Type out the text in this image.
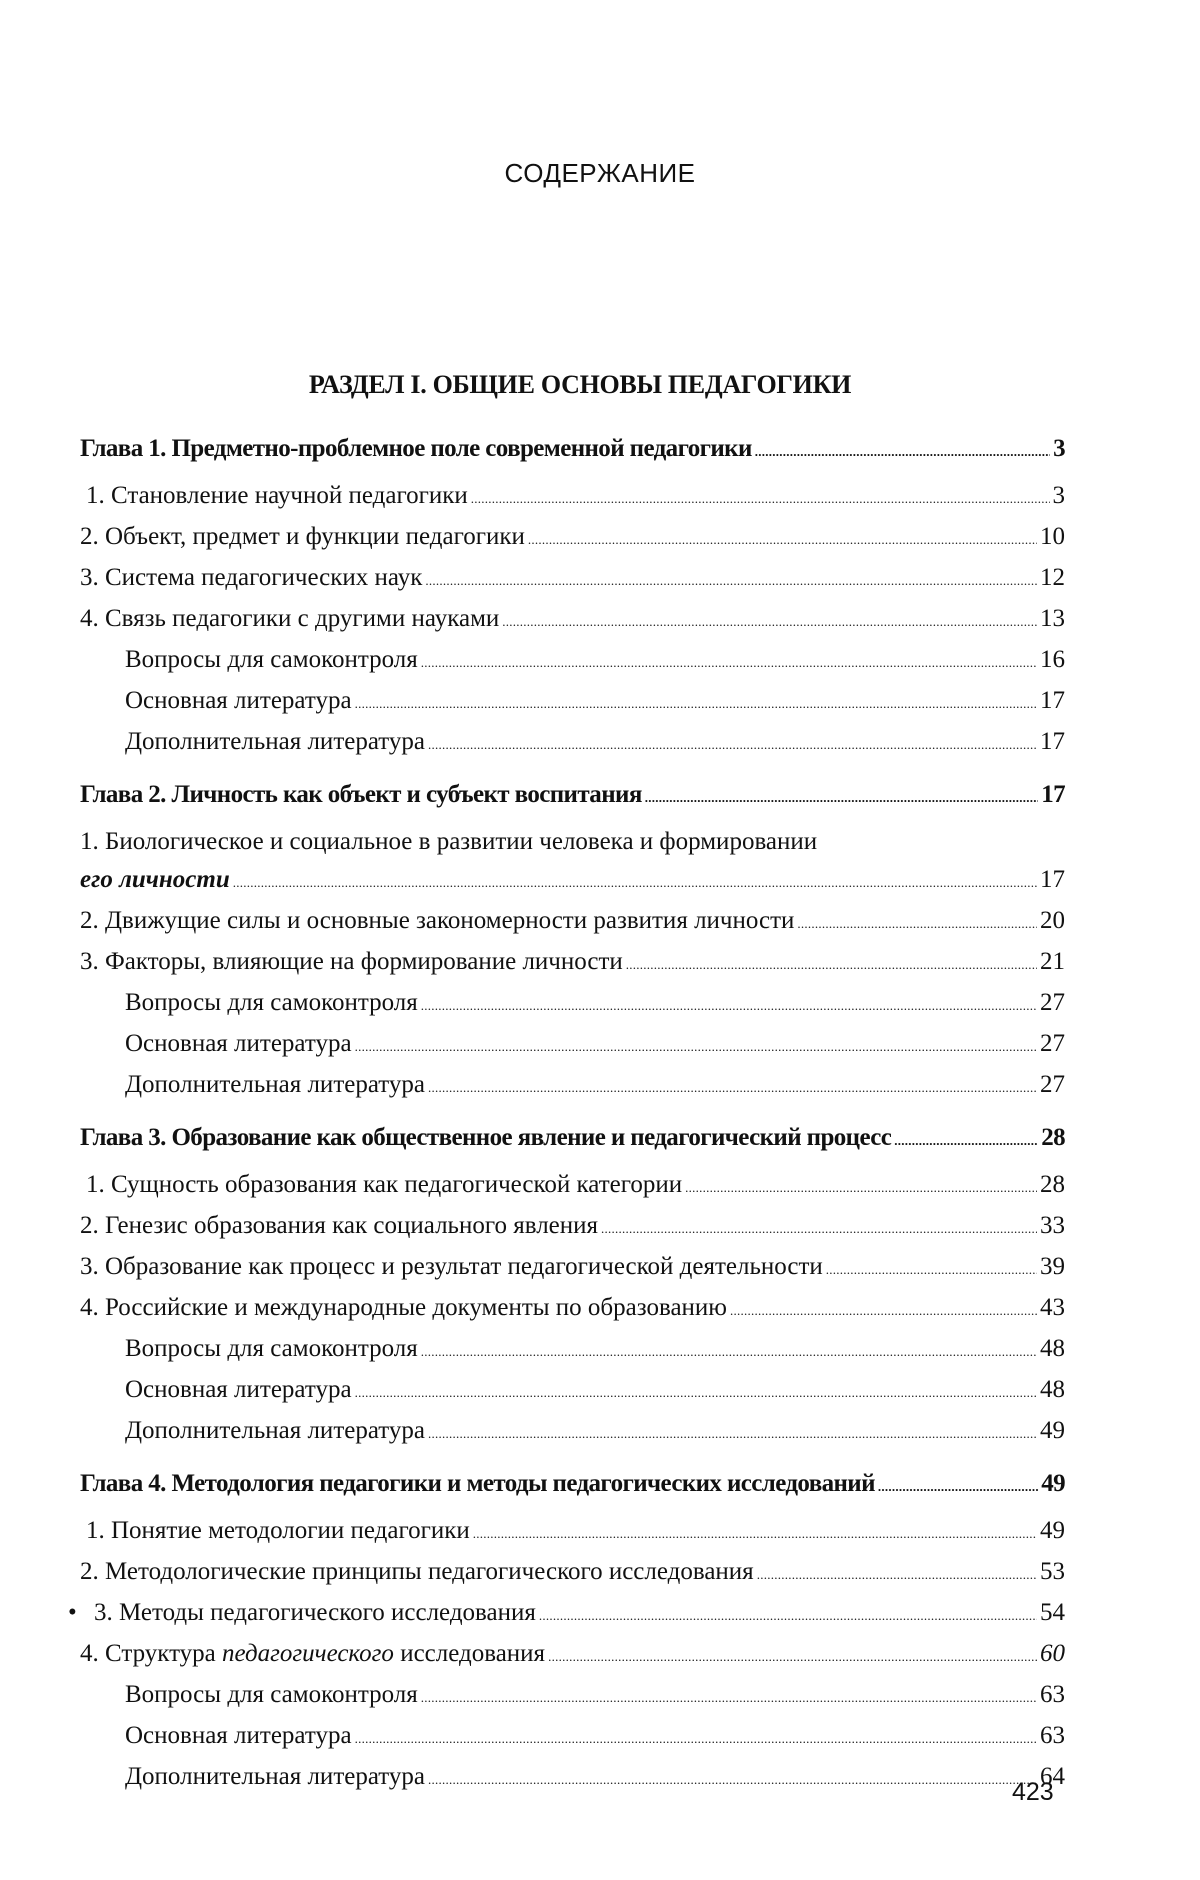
СОДЕРЖАНИЕ
РАЗДЕЛ I. ОБЩИЕ ОСНОВЫ ПЕДАГОГИКИ
Глава 1. Предметно-проблемное поле современной педагогики . . .	3
1. Становление научной педагогики . . .	3
2. Объект, предмет и функции педагогики . . .	10
3. Система педагогических наук . . .	12
4. Связь педагогики с другими науками . . .	13
Вопросы для самоконтроля . . .	16
Основная литература . . .	17
Дополнительная литература . . .	17
Глава 2. Личность как объект и субъект воспитания . . .	17
1. Биологическое и социальное в развитии человека и формировании
его личности . . .	17
2. Движущие силы и основные закономерности развития личности . . .	20
3. Факторы, влияющие на формирование личности . . .	21
Вопросы для самоконтроля . . .	27
Основная литература . . .	27
Дополнительная литература . . .	27
Глава 3. Образование как общественное явление и педагогический процесс . . .	28
1. Сущность образования как педагогической категории . . .	28
2. Генезис образования как социального явления . . .	33
3. Образование как процесс и результат педагогической деятельности . . .	39
4. Российские и международные документы по образованию . . .	43
Вопросы для самоконтроля . . .	48
Основная литература . . .	48
Дополнительная литература . . .	49
Глава 4. Методология педагогики и методы педагогических исследований . . .	49
1. Понятие методологии педагогики . . .	49
2. Методологические принципы педагогического исследования . . .	53
• 3. Методы педагогического исследования . . .	54
4. Структура педагогического исследования . . .	60
Вопросы для самоконтроля . . .	63
Основная литература . . .	63
Дополнительная литература . . .	64
423
